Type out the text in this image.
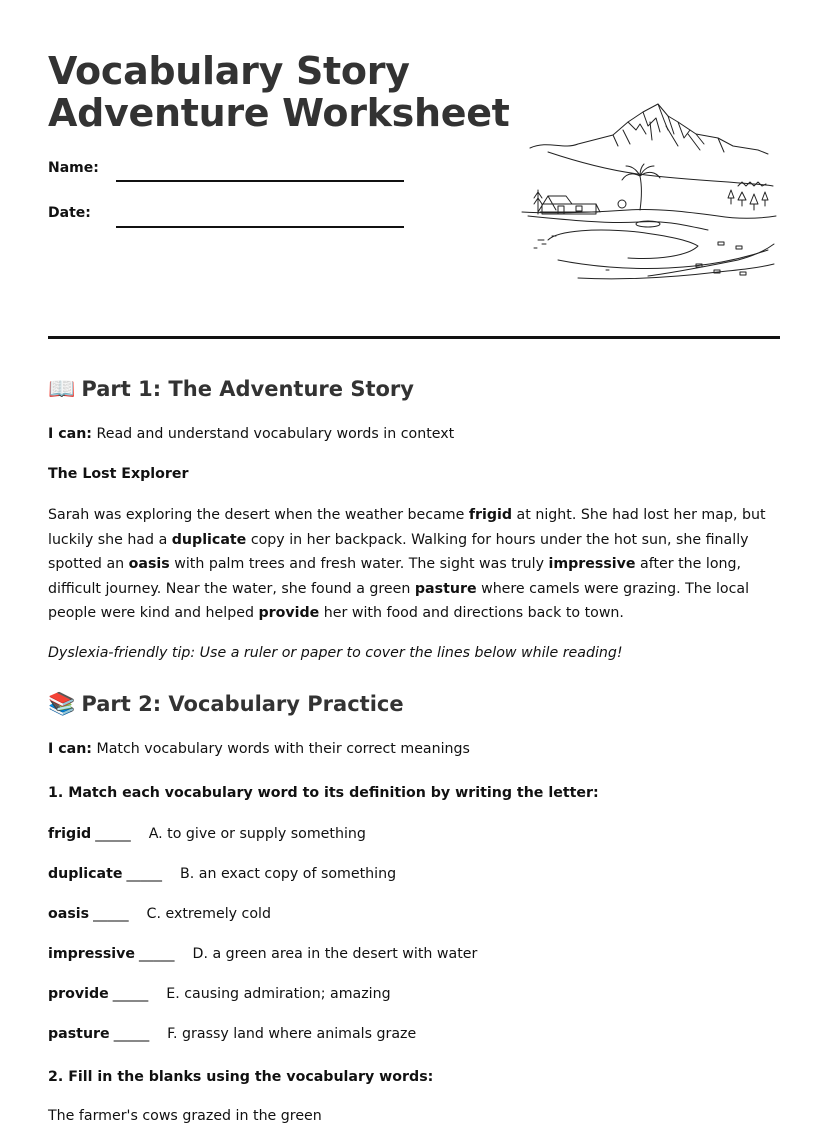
Vocabulary Story
Adventure Worksheet
Name:
Date:
📖 Part 1: The Adventure Story
I can: Read and understand vocabulary words in context
The Lost Explorer
Sarah was exploring the desert when the weather became frigid at night. She had lost her map, but luckily she had a duplicate copy in her backpack. Walking for hours under the hot sun, she finally spotted an oasis with palm trees and fresh water. The sight was truly impressive after the long, difficult journey. Near the water, she found a green pasture where camels were grazing. The local people were kind and helped provide her with food and directions back to town.
Dyslexia-friendly tip: Use a ruler or paper to cover the lines below while reading!
📚 Part 2: Vocabulary Practice
I can: Match vocabulary words with their correct meanings
1. Match each vocabulary word to its definition by writing the letter:
frigid _____ A. to give or supply something
duplicate _____ B. an exact copy of something
oasis _____ C. extremely cold
impressive _____ D. a green area in the desert with water
provide _____ E. causing admiration; amazing
pasture _____ F. grassy land where animals graze
2. Fill in the blanks using the vocabulary words:
The farmer's cows grazed in the green
